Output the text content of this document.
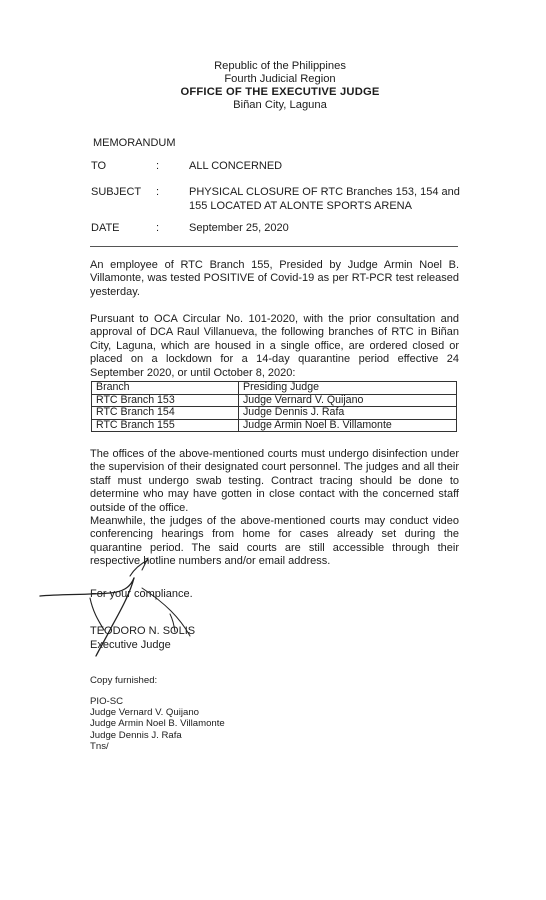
Republic of the Philippines
Fourth Judicial Region
OFFICE OF THE EXECUTIVE JUDGE
Biñan City, Laguna
MEMORANDUM
TO	:	ALL CONCERNED
SUBJECT	:	PHYSICAL CLOSURE OF RTC Branches 153, 154 and
155 LOCATED AT ALONTE SPORTS ARENA
DATE	:	September 25, 2020
An employee of RTC Branch 155, Presided by Judge Armin Noel B. Villamonte, was tested POSITIVE of Covid-19 as per RT-PCR test released yesterday.
Pursuant to OCA Circular No. 101-2020, with the prior consultation and approval of DCA Raul Villanueva, the following branches of RTC in Biñan City, Laguna, which are housed in a single office, are ordered closed or placed on a lockdown for a 14-day quarantine period effective 24 September 2020, or until October 8, 2020:
Branch	Presiding Judge
RTC Branch 153	Judge Vernard V. Quijano
RTC Branch 154	Judge Dennis J. Rafa
RTC Branch 155	Judge Armin Noel B. Villamonte
The offices of the above-mentioned courts must undergo disinfection under the supervision of their designated court personnel. The judges and all their staff must undergo swab testing. Contract tracing should be done to determine who may have gotten in close contact with the concerned staff outside of the office.
Meanwhile, the judges of the above-mentioned courts may conduct video conferencing hearings from home for cases already set during the quarantine period. The said courts are still accessible through their respective hotline numbers and/or email address.
For your compliance.
TEODORO N. SOLIS
Executive Judge
Copy furnished:
PIO-SC
Judge Vernard V. Quijano
Judge Armin Noel B. Villamonte
Judge Dennis J. Rafa
Tns/
